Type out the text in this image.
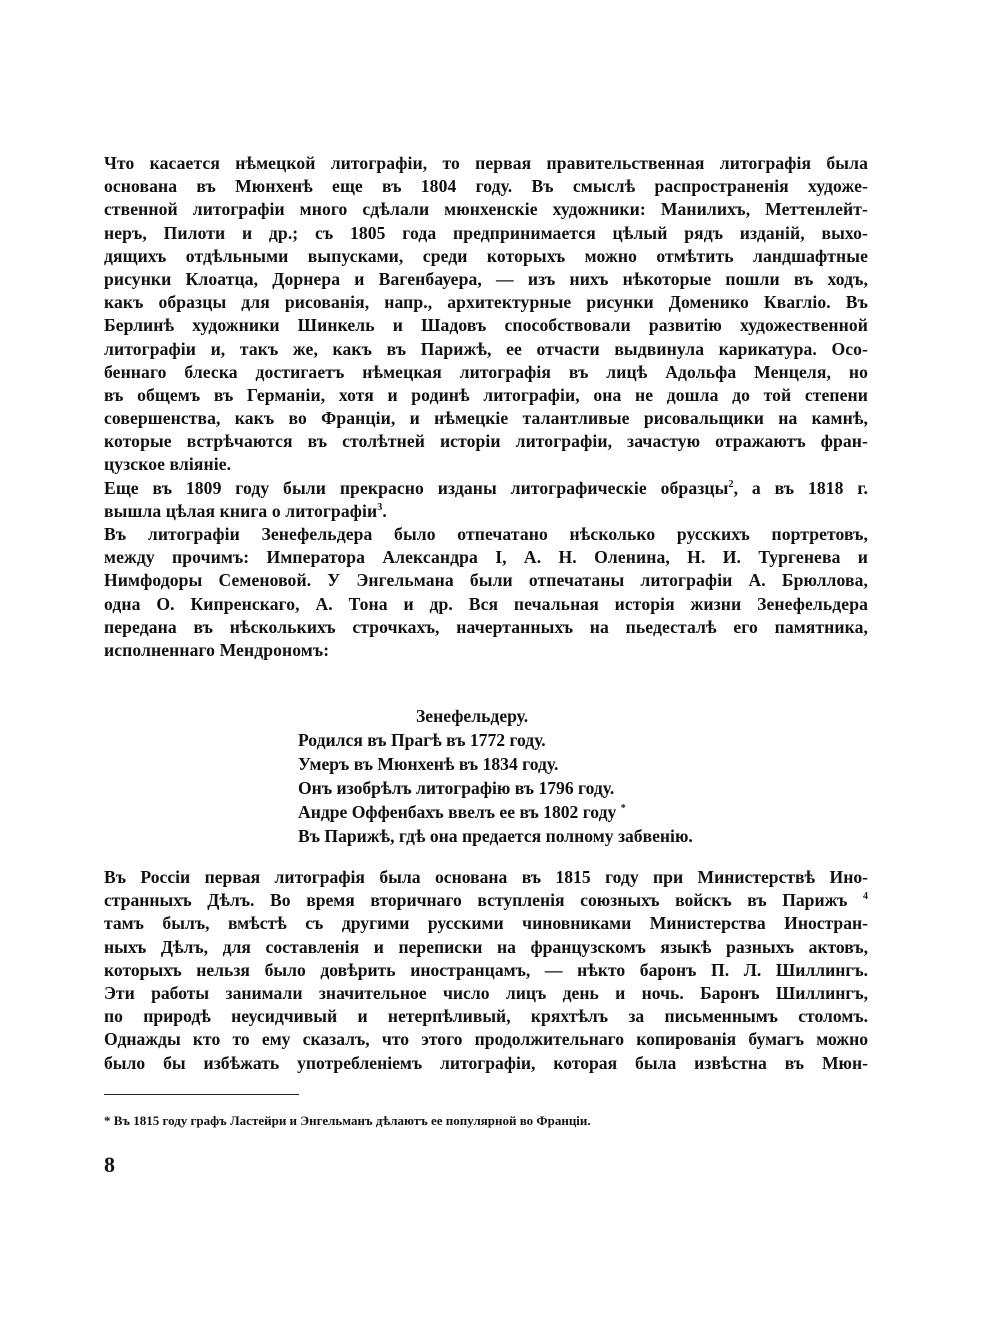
Что касается нѣмецкой литографіи, то первая правительственная литографія была
основана въ Мюнхенѣ еще въ 1804 году. Въ смыслѣ распространенія художе-
ственной литографіи много сдѣлали мюнхенскіе художники: Манилихъ, Меттенлейт-
неръ, Пилоти и др.; съ 1805 года предпринимается цѣлый рядъ изданій, выхо-
дящихъ отдѣльными выпусками, среди которыхъ можно отмѣтить ландшафтные
рисунки Клоатца, Дорнера и Вагенбауера, — изъ нихъ нѣкоторые пошли въ ходъ,
какъ образцы для рисованія, напр., архитектурные рисунки Доменико Квагліо. Въ
Берлинѣ художники Шинкель и Шадовъ способствовали развитію художественной
литографіи и, такъ же, какъ въ Парижѣ, ее отчасти выдвинула карикатура. Осо-
беннаго блеска достигаетъ нѣмецкая литографія въ лицѣ Адольфа Менцеля, но
въ общемъ въ Германіи, хотя и родинѣ литографіи, она не дошла до той степени
совершенства, какъ во Франціи, и нѣмецкіе талантливые рисовальщики на камнѣ,
которые встрѣчаются въ столѣтней исторіи литографіи, зачастую отражаютъ фран-
цузское вліяніе.
Еще въ 1809 году были прекрасно изданы литографическіе образцы$^2$, а въ 1818 г.
вышла цѣлая книга о литографіи$^3$.
Въ литографіи Зенефельдера было отпечатано нѣсколько русскихъ портретовъ,
между прочимъ: Императора Александра I, А. Н. Оленина, Н. И. Тургенева и
Нимфодоры Семеновой. У Энгельмана были отпечатаны литографіи А. Брюллова,
одна О. Кипренскаго, А. Тона и др. Вся печальная исторія жизни Зенефельдера
передана въ нѣсколькихъ строчкахъ, начертанныхъ на пьедесталѣ его памятника,
исполненнаго Мендрономъ:
Зенефельдеру.
Родился въ Прагѣ въ 1772 году.
Умеръ въ Мюнхенѣ въ 1834 году.
Онъ изобрѣлъ литографію въ 1796 году.
Андре Оффенбахъ ввелъ ее въ 1802 году *
Въ Парижѣ, гдѣ она предается полному забвенію.
Въ Россіи первая литографія была основана въ 1815 году при Министерствѣ Ино-
странныхъ Дѣлъ. Во время вторичнаго вступленія союзныхъ войскъ въ Парижъ $^4$
тамъ былъ, вмѣстѣ съ другими русскими чиновниками Министерства Иностран-
ныхъ Дѣлъ, для составленія и переписки на французскомъ языкѣ разныхъ актовъ,
которыхъ нельзя было довѣрить иностранцамъ, — нѣкто баронъ П. Л. Шиллингъ.
Эти работы занимали значительное число лицъ день и ночь. Баронъ Шиллингъ,
по природѣ неусидчивый и нетерпѣливый, кряхтѣлъ за письменнымъ столомъ.
Однажды кто то ему сказалъ, что этого продолжительнаго копированія бумагъ можно
было бы избѣжать употребленіемъ литографіи, которая была извѣстна въ Мюн-
* Въ 1815 году графъ Ластейри и Энгельманъ дѣлаютъ ее популярной во Франціи.
8
